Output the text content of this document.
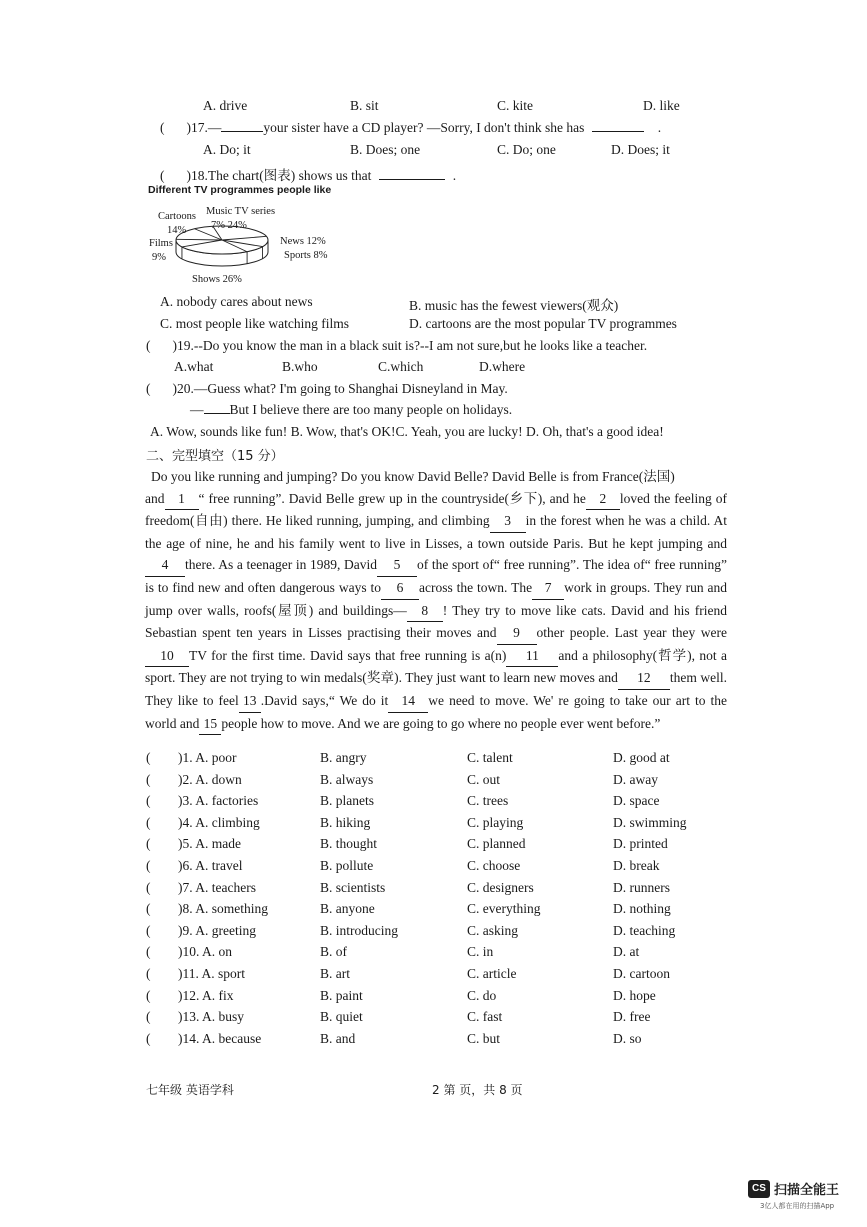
A. drive	B. sit	C. kite	D. like
( )17.—	your sister have a CD player? —Sorry, I don't think she has	.
A. Do; it	B. Does; one	C. Do; one	D. Does; it
( )18.The chart(图表) shows us that	.
Different TV programmes people like
Cartoons
14%
Music TV series
7% 24%
Films
9%
News 12%
Sports 8%
Shows 26%
A. nobody cares about news	B. music has the fewest viewers(观众)
C. most people like watching films	D. cartoons are the most popular TV programmes
( )19.--Do you know the man in a black suit is?--I am not sure,but he looks like a teacher.
A.what	B.who	C.which	D.where
( )20.—Guess what? I'm going to Shanghai Disneyland in May.
— But I believe there are too many people on holidays.
A. Wow, sounds like fun! B. Wow, that's OK!C. Yeah, you are lucky! D. Oh, that's a good idea!
二、完型填空（15 分）

Do you like running and jumping? Do you know David Belle? David Belle is from France(法国)

and 1 “ free running”. David Belle grew up in the countryside(乡下), and he 2 loved the feeling of freedom(自由) there. He liked running, jumping, and climbing 3 in the forest when he was a child. At the age of nine, he and his family went to live in Lisses, a town outside Paris. But he kept jumping and4 there. As a teenager in 1989, David 5 of the sport of“ free running”. The idea of“ free running” is to find new and often dangerous ways to 6 across the town. The 7 work in groups. They run and jump over walls, roofs(屋顶) and buildings— 8 ! They try to move like cats. David and his friend Sebastian spent ten years in Lisses practising their moves and 9 other people. Last year they were10 TV for the first time. David says that free running is a(n) 11 and a philosophy(哲学), not a sport. They are not trying to win medals(奖章). They just want to learn new moves and 12 them well. They like to feel 13 .David says,“ We do it 14 we need to move. We' re going to take our art to the world and 15 people how to move. And we are going to go where no people ever went before.”

( )1. A. poor	B. angry	C. talent	D. good at
( )2. A. down	B. always	C. out	D. away
( )3. A. factories	B. planets	C. trees	D. space
( )4. A. climbing	B. hiking	C. playing	D. swimming
( )5. A. made	B. thought	C. planned	D. printed
( )6. A. travel	B. pollute	C. choose	D. break
( )7. A. teachers	B. scientists	C. designers	D. runners
( )8. A. something	B. anyone	C. everything	D. nothing
( )9. A. greeting	B. introducing	C. asking	D. teaching
( )10. A. on	B. of	C. in	D. at
( )11. A. sport	B. art	C. article	D. cartoon
( )12. A. fix	B. paint	C. do	D. hope
( )13. A. busy	B. quiet	C. fast	D. free
( )14. A. because	B. and	C. but	D. so
七年级 英语学科	2 第 页，共 8 页
CS 扫描全能王
3亿人都在用的扫描App
